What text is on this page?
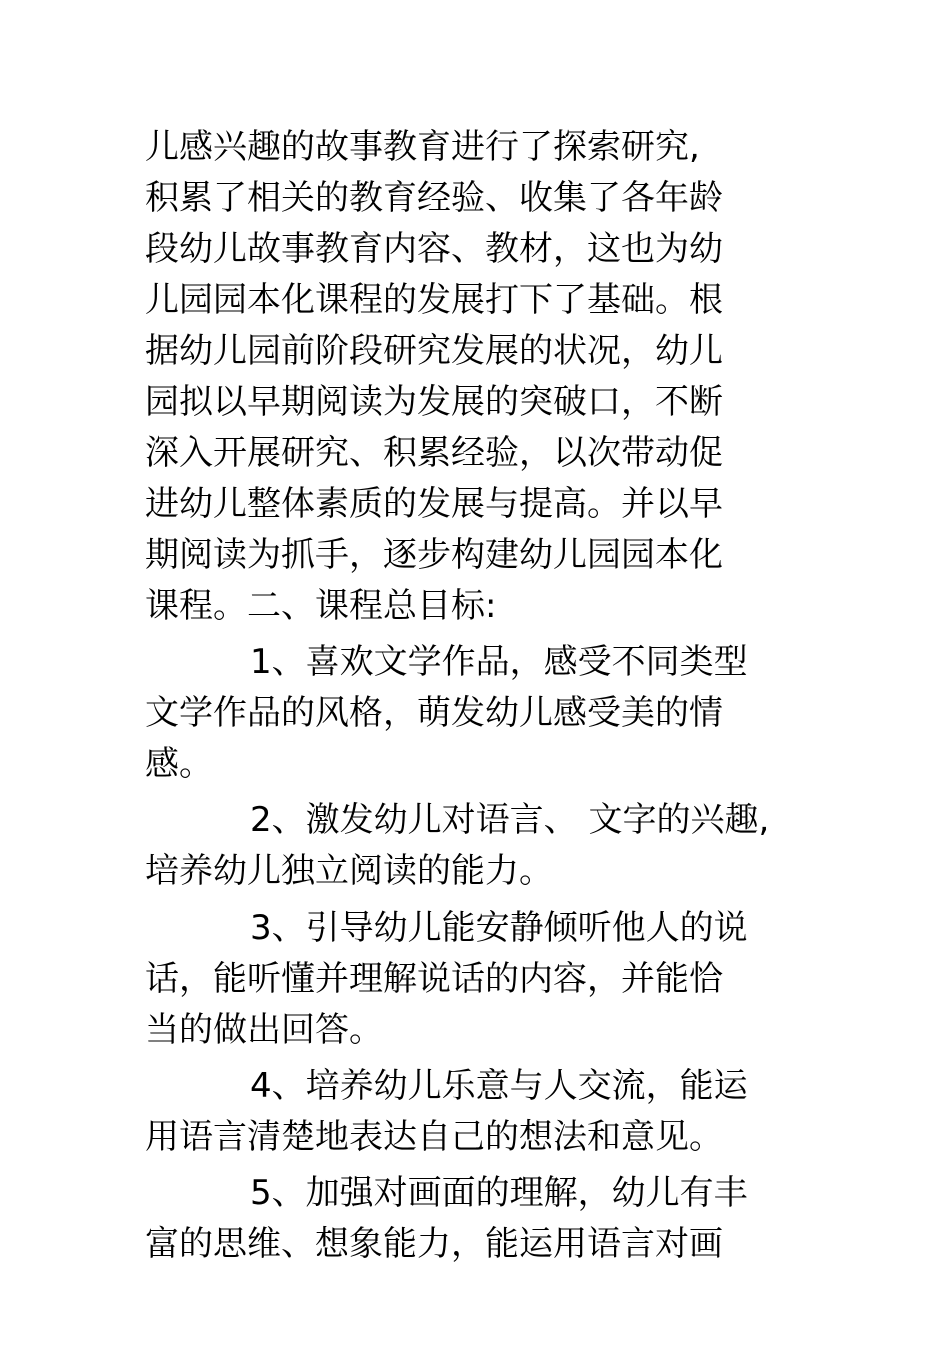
儿感兴趣的故事教育进行了探索研究,
积累了相关的教育经验、收集了各年龄
段幼儿故事教育内容、教材，这也为幼
儿园园本化课程的发展打下了基础。根
据幼儿园前阶段研究发展的状况，幼儿
园拟以早期阅读为发展的突破口，不断
深入开展研究、积累经验，以次带动促
进幼儿整体素质的发展与提高。并以早
期阅读为抓手，逐步构建幼儿园园本化
课程。二、课程总目标:
1、喜欢文学作品，感受不同类型
文学作品的风格，萌发幼儿感受美的情
感。
2、激发幼儿对语言、 文字的兴趣,
培养幼儿独立阅读的能力。
3、引导幼儿能安静倾听他人的说
话，能听懂并理解说话的内容，并能恰
当的做出回答。
4、培养幼儿乐意与人交流，能运
用语言清楚地表达自己的想法和意见。
5、加强对画面的理解，幼儿有丰
富的思维、想象能力，能运用语言对画
